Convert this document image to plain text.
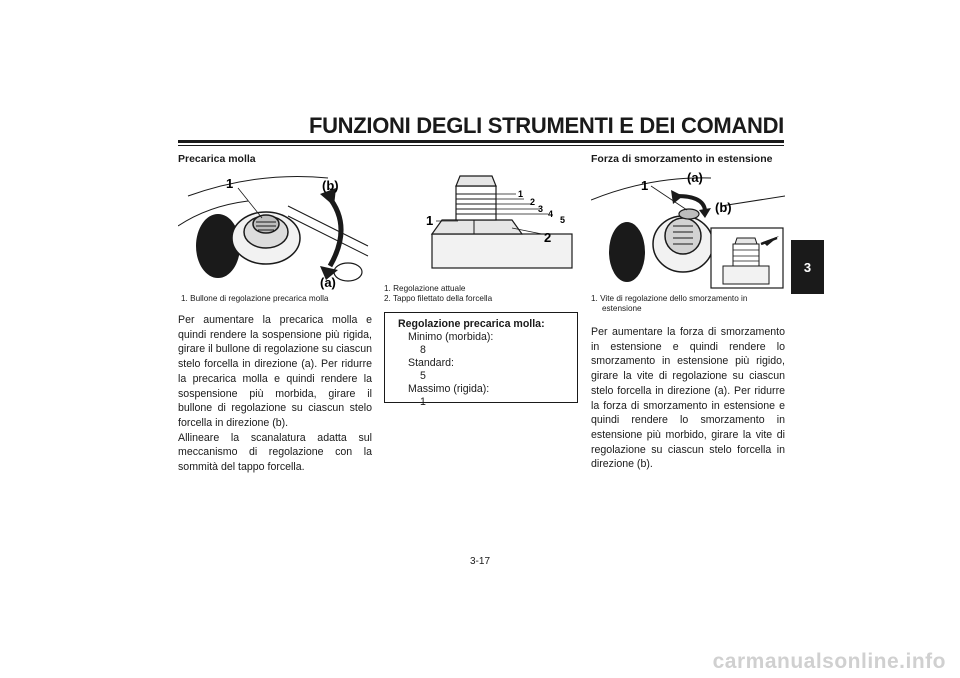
FUNZIONI DEGLI STRUMENTI E DEI COMANDI
3
Precarica molla
1	(b)
(a)
1. Bullone di regolazione precarica molla

Per aumentare la precarica molla e quindi rendere la sospensione più rigida, girare il bullone di regolazione su ciascun stelo forcella in direzione (a). Per ridurre la precarica molla e quindi rendere la sospensione più morbida, girare il bullone di regolazione su ciascun stelo forcella in direzione (b).

Allineare la scanalatura adatta sul meccanismo di regolazione con la sommità del tappo forcella.

1
2
1
2
3 4
5
1. Regolazione attuale
2. Tappo filettato della forcella
Regolazione precarica molla:
Minimo (morbida):
8
Standard:
5
Massimo (rigida):
1
Forza di smorzamento in estensione
1
(a)
(b)
1. Vite di regolazione dello smorzamento in estensione

Per aumentare la forza di smorzamento in estensione e quindi rendere lo smorzamento in estensione più rigido, girare la vite di regolazione su ciascun stelo forcella in direzione (a). Per ridurre la forza di smorzamento in estensione e quindi rendere lo smorzamento in estensione più morbido, girare la vite di regolazione su ciascun stelo forcella in direzione (b).

3-17
carmanualsonline.info
